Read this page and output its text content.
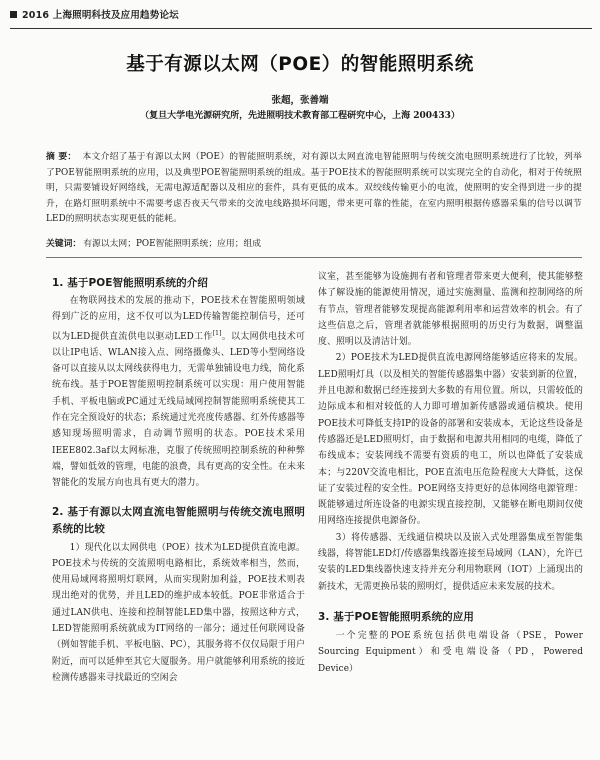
2016 上海照明科技及应用趋势论坛
基于有源以太网（POE）的智能照明系统
张超，张善端
（复旦大学电光源研究所，先进照明技术教育部工程研究中心，上海 200433）
摘 要： 本文介绍了基于有源以太网（POE）的智能照明系统，对有源以太网直流电智能照明与传统交流电照明系统进行了比较，列举了POE智能照明系统的应用，以及典型POE智能照明系统的组成。基于POE技术的智能照明系统可以实现完全的自动化，相对于传统照明，只需要铺设好网络线，无需电源适配器以及相应的套件，具有更低的成本。双绞线传输更小的电流，使照明的安全得到进一步的提升，在路灯照明系统中不需要考虑否夜天气带来的交流电线路损坏问题，带来更可靠的性能，在室内照明根据传感器采集的信号以调节LED的照明状态实现更低的能耗。
关键词： 有源以太网；POE智能照明系统；应用；组成
1. 基于POE智能照明系统的介绍

在物联网技术的发展的推动下，POE技术在智能照明领域得到广泛的应用，这不仅可以为LED传输智能控制信号，还可以为LED提供直流供电以驱动LED工作[1]。以太网供电技术可以让IP电话、WLAN接入点、网络摄像头、LED等小型网络设备可以直接从以太网线获得电力，无需单独铺设电力线，简化系统布线。基于POE智能照明控制系统可以实现：用户使用智能手机、平板电脑或PC通过无线局域网控制智能照明系统使其工作在完全预设好的状态；系统通过光亮度传感器、红外传感器等感知现场照明需求，自动调节照明的状态。POE技术采用IEEE802.3af以太网标准，克服了传统照明控制系统的种种弊端，譬如低效的管理，电能的浪费，具有更高的安全性。在未来智能化的发展方向也具有更大的潜力。

2. 基于有源以太网直流电智能照明与传统交流电照明系统的比较

1）现代化以太网供电（POE）技术为LED提供直流电源。POE技术与传统的交流照明电路相比，系统效率相当，然而，使用局域网将照明灯联网，从而实现附加利益，POE技术则表现出绝对的优势，并且LED的维护成本较低。POE非常适合于通过LAN供电、连接和控制智能LED集中器，按照这种方式，LED智能照明系统就成为IT网络的一部分；通过任何联网设备（例如智能手机、平板电脑、PC），其服务将不仅仅局限于用户附近，而可以延伸至其它大厦服务。用户就能够利用系统的接近检测传感器来寻找最近的空闲会

议室，甚至能够为设施拥有者和管理者带来更大便利，使其能够整体了解设施的能源使用情况，通过实施测量、监测和控制网络的所有节点，管理者能够发现提高能源利用率和运营效率的机会。有了这些信息之后，管理者就能够根据照明的历史行为数据，调整温度、照明以及清洁计划。

2）POE技术为LED提供直流电源网络能够适应将来的发展。LED照明灯具（以及相关的智能传感器集中器）安装到新的位置，并且电源和数据已经连接到大多数的有用位置。所以，只需较低的边际成本和相对较低的人力即可增加新传感器或通信模块。使用POE技术可降低支持IP的设备的部署和安装成本，无论这些设备是传感器还是LED照明灯，由于数据和电源共用相同的电缆，降低了布线成本；安装网线不需要有资质的电工，所以也降低了安装成本；与220V交流电相比，POE直流电压危险程度大大降低，这保证了安装过程的安全性。POE网络支持更好的总体网络电源管理：既能够通过所连设备的电源实现直接控制，又能够在断电期间仅使用网络连接提供电源备份。

3）将传感器、无线通信模块以及嵌入式处理器集成至智能集线器，将智能LED灯/传感器集线器连接至局域网（LAN），允许已安装的LED集线器快速支持并充分利用物联网（IOT）上涌现出的新技术，无需更换吊装的照明灯，提供适应未来发展的技术。

3. 基于POE智能照明系统的应用

一个完整的POE系统包括供电端设备（PSE，Power Sourcing Equipment）和受电端设备（PD，Powered Device）
